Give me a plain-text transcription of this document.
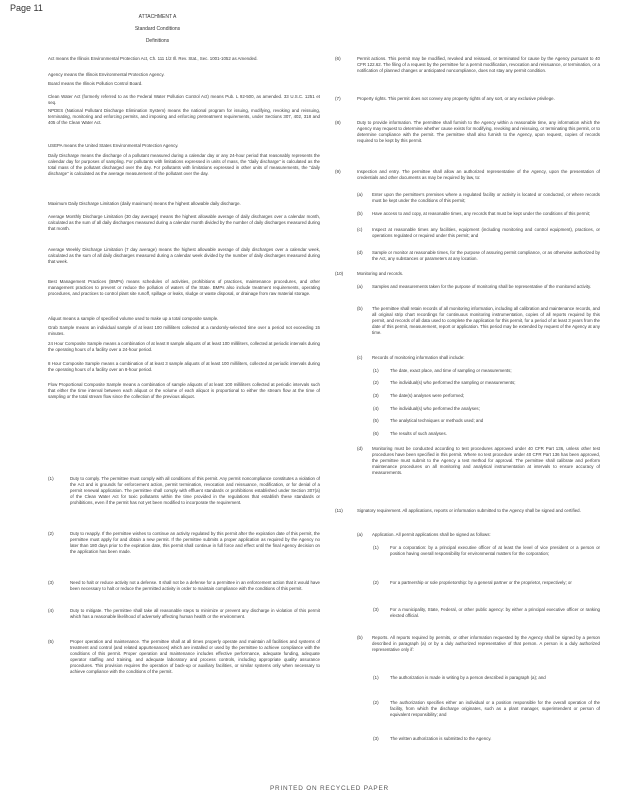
Page 11
ATTACHMENT A
Standard Conditions
Definitions
Act means the Illinois Environmental Protection Act, Ch. 111 1/2 Ill. Rev. Stat., Sec. 1001-1052 as Amended.
Agency means the Illinois Environmental Protection Agency.
Board means the Illinois Pollution Control Board.
Clean Water Act (formerly referred to as the Federal Water Pollution Control Act) means Pub. L 92-500, as amended. 33 U.S.C. 1251 et seq.
NPDES (National Pollutant Discharge Elimination System) means the national program for issuing, modifying, revoking and reissuing, terminating, monitoring and enforcing permits, and imposing and enforcing pretreatment requirements, under Sections 307, 402, 318 and 405 of the Clean Water Act.
USEPA means the United States Environmental Protection Agency.
Daily Discharge means the discharge of a pollutant measured during a calendar day or any 24-hour period that reasonably represents the calendar day for purposes of sampling. For pollutants with limitations expressed in units of mass, the "daily discharge" is calculated as the total mass of the pollutant discharged over the day. For pollutants with limitations expressed in other units of measurements, the "daily discharge" is calculated as the average measurement of the pollutant over the day.
Maximum Daily Discharge Limitation (daily maximum) means the highest allowable daily discharge.
Average Monthly Discharge Limitation (30 day average) means the highest allowable average of daily discharges over a calendar month, calculated as the sum of all daily discharges measured during a calendar month divided by the number of daily discharges measured during that month.
Average Weekly Discharge Limitation (7 day average) means the highest allowable average of daily discharges over a calendar week, calculated as the sum of all daily discharges measured during a calendar week divided by the number of daily discharges measured during that week.
Best Management Practices (BMPs) means schedules of activities, prohibitions of practices, maintenance procedures, and other management practices to prevent or reduce the pollution of waters of the State. BMPs also include treatment requirements, operating procedures, and practices to control plant site runoff, spillage or leaks, sludge or waste disposal, or drainage from raw material storage.
Aliquot means a sample of specified volume used to make up a total composite sample.
Grab Sample means an individual sample of at least 100 milliliters collected at a randomly-selected time over a period not exceeding 15 minutes.
24 Hour Composite Sample means a combination of at least 8 sample aliquots of at least 100 milliliters, collected at periodic intervals during the operating hours of a facility over a 24-hour period.
8 Hour Composite Sample means a combination of at least 3 sample aliquots of at least 100 milliliters, collected at periodic intervals during the operating hours of a facility over an 8-hour period.
Flow Proportional Composite Sample means a combination of sample aliquots of at least 100 milliliters collected at periodic intervals such that either the time interval between each aliquot or the volume of each aliquot is proportional to either the stream flow at the time of sampling or the total stream flow since the collection of the previous aliquot.
(1)	Duty to comply. The permittee must comply with all conditions of this permit. Any permit noncompliance constitutes a violation of the Act and is grounds for enforcement action, permit termination, revocation and reissuance, modification, or for denial of a permit renewal application. The permittee shall comply with effluent standards or prohibitions established under Section 307(a) of the Clean Water Act for toxic pollutants within the time provided in the regulations that establish these standards or prohibitions, even if the permit has not yet been modified to incorporate the requirement.
(2)	Duty to reapply. If the permittee wishes to continue an activity regulated by this permit after the expiration date of this permit, the permittee must apply for and obtain a new permit. If the permittee submits a proper application as required by the Agency no later than 180 days prior to the expiration date, this permit shall continue in full force and effect until the final Agency decision on the application has been made.
(3)	Need to halt or reduce activity not a defense. It shall not be a defense for a permittee in an enforcement action that it would have been necessary to halt or reduce the permitted activity in order to maintain compliance with the conditions of this permit.
(4)	Duty to mitigate. The permittee shall take all reasonable steps to minimize or prevent any discharge in violation of this permit which has a reasonable likelihood of adversely affecting human health or the environment.
(5)	Proper operation and maintenance. The permittee shall at all times properly operate and maintain all facilities and systems of treatment and control (and related appurtenances) which are installed or used by the permittee to achieve compliance with the conditions of this permit. Proper operation and maintenance includes effective performance, adequate funding, adequate operator staffing and training, and adequate laboratory and process controls, including appropriate quality assurance procedures. This provision requires the operation of back-up or auxiliary facilities, or similar systems only when necessary to achieve compliance with the conditions of the permit.
(6)	Permit actions. This permit may be modified, revoked and reissued, or terminated for cause by the Agency pursuant to 40 CFR 122.62. The filing of a request by the permittee for a permit modification, revocation and reissuance, or termination, or a notification of planned changes or anticipated noncompliance, does not stay any permit condition.
(7)	Property rights. This permit does not convey any property rights of any sort, or any exclusive privilege.
(8)	Duty to provide information. The permittee shall furnish to the Agency within a reasonable time, any information which the Agency may request to determine whether cause exists for modifying, revoking and reissuing, or terminating this permit, or to determine compliance with the permit. The permittee shall also furnish to the Agency, upon request, copies of records required to be kept by this permit.
(9)	Inspection and entry. The permittee shall allow an authorized representative of the Agency, upon the presentation of credentials and other documents as may be required by law, to:
(a) Enter upon the permittee's premises where a regulated facility or activity is located or conducted, or where records must be kept under the conditions of this permit;
(b) Have access to and copy, at reasonable times, any records that must be kept under the conditions of this permit;
(c) Inspect at reasonable times any facilities, equipment (including monitoring and control equipment), practices, or operations regulated or required under this permit; and
(d) Sample or monitor at reasonable times, for the purpose of assuring permit compliance, or as otherwise authorized by the Act, any substances or parameters at any location.
(10)	Monitoring and records.
(a) Samples and measurements taken for the purpose of monitoring shall be representative of the monitored activity.
(b) The permittee shall retain records of all monitoring information, including all calibration and maintenance records, and all original strip chart recordings for continuous monitoring instrumentation, copies of all reports required by this permit, and records of all data used to complete the application for this permit, for a period of at least 3 years from the date of this permit, measurement, report or application. This period may be extended by request of the Agency at any time.
(c) Records of monitoring information shall include:
(1)	The date, exact place, and time of sampling or measurements;
(2)	The individual(s) who performed the sampling or measurements;
(3)	The date(s) analyses were performed;
(4)	The individual(s) who performed the analyses;
(5)	The analytical techniques or methods used; and
(6)	The results of such analyses.
(d) Monitoring must be conducted according to test procedures approved under 40 CFR Part 136, unless other test procedures have been specified in this permit. Where no test procedure under 40 CFR Part 136 has been approved, the permittee must submit to the Agency a test method for approval. The permittee shall calibrate and perform maintenance procedures on all monitoring and analytical instrumentation at intervals to ensure accuracy of measurements.
(11)	Signatory requirement. All applications, reports or information submitted to the Agency shall be signed and certified.
(a) Application. All permit applications shall be signed as follows:
(1)	For a corporation: by a principal executive officer of at least the level of vice president or a person or position having overall responsibility for environmental matters for the corporation;
(2)	For a partnership or sole proprietorship: by a general partner or the proprietor, respectively; or
(3)	For a municipality, State, Federal, or other public agency: by either a principal executive officer or ranking elected official.
(b) Reports. All reports required by permits, or other information requested by the Agency shall be signed by a person described in paragraph (a) or by a duly authorized representative of that person. A person is a duly authorized representative only if:
(1)	The authorization is made in writing by a person described in paragraph (a); and
(2)	The authorization specifies either an individual or a position responsible for the overall operation of the facility, from which the discharge originates, such as a plant manager, superintendent or person of equivalent responsibility; and
(3)	The written authorization is submitted to the Agency.
PRINTED ON RECYCLED PAPER
